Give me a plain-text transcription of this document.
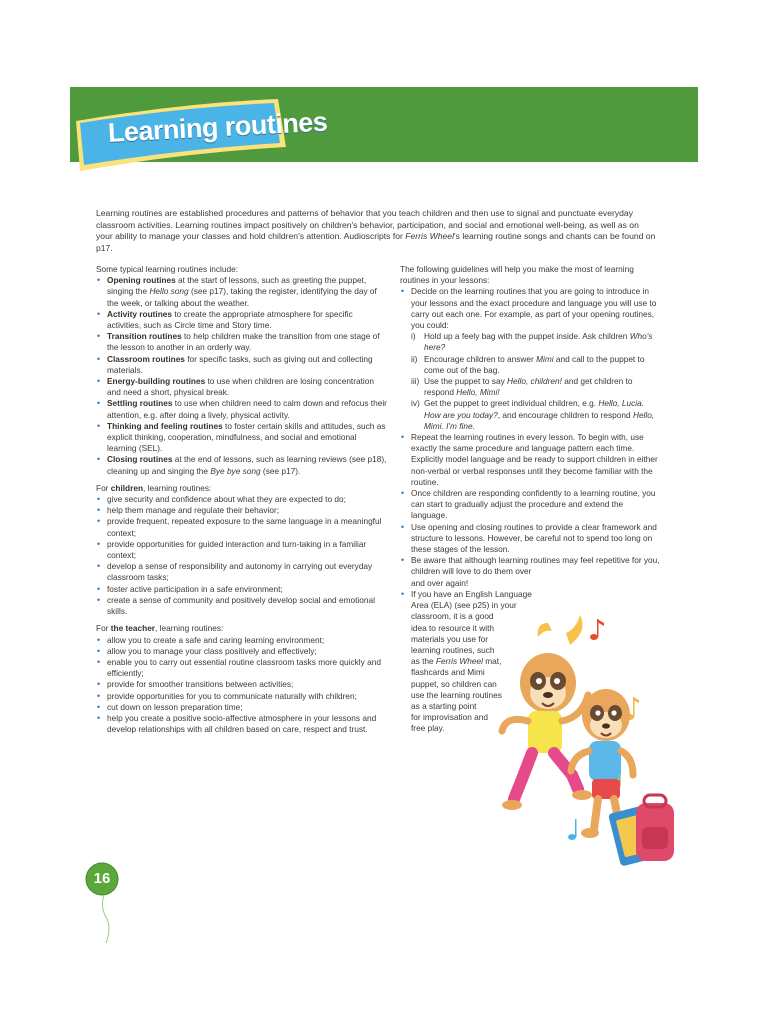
Learning routines

Learning routines are established procedures and patterns of behavior that you teach children and then use to signal and punctuate everyday classroom activities. Learning routines impact positively on children's behavior, participation, and social and emotional well-being, as well as on your ability to manage your classes and hold children's attention. Audioscripts for Ferris Wheel's learning routine songs and chants can be found on p17.

Some typical learning routines include:

• Opening routines at the start of lessons, such as greeting the puppet, singing the Hello song (see p17), taking the register, identifying the day of the week, or talking about the weather.
• Activity routines to create the appropriate atmosphere for specific activities, such as Circle time and Story time.
• Transition routines to help children make the transition from one stage of the lesson to another in an orderly way.
• Classroom routines for specific tasks, such as giving out and collecting materials.
• Energy-building routines to use when children are losing concentration and need a short, physical break.
• Settling routines to use when children need to calm down and refocus their attention, e.g. after doing a lively, physical activity.
• Thinking and feeling routines to foster certain skills and attitudes, such as explicit thinking, cooperation, mindfulness, and social and emotional learning (SEL).
• Closing routines at the end of lessons, such as learning reviews (see p18), cleaning up and singing the Bye bye song (see p17).

For children, learning routines:

• give security and confidence about what they are expected to do;
• help them manage and regulate their behavior;
• provide frequent, repeated exposure to the same language in a meaningful context;
• provide opportunities for guided interaction and turn-taking in a familiar context;
• develop a sense of responsibility and autonomy in carrying out everyday classroom tasks;
• foster active participation in a safe environment;
• create a sense of community and positively develop social and emotional skills.

For the teacher, learning routines:

• allow you to create a safe and caring learning environment;
• allow you to manage your class positively and effectively;
• enable you to carry out essential routine classroom tasks more quickly and efficiently;
• provide for smoother transitions between activities;
• provide opportunities for you to communicate naturally with children;
• cut down on lesson preparation time;
• help you create a positive socio-affective atmosphere in your lessons and develop relationships with all children based on care, respect and trust.

The following guidelines will help you make the most of learning routines in your lessons:

• Decide on the learning routines that you are going to introduce in your lessons and the exact procedure and language you will use to carry out each one. For example, as part of your opening routines, you could:
i) Hold up a feely bag with the puppet inside. Ask children Who's here?
ii) Encourage children to answer Mimi and call to the puppet to come out of the bag.
iii) Use the puppet to say Hello, children! and get children to respond Hello, Mimi!
iv) Get the puppet to greet individual children, e.g. Hello, Lucia. How are you today?, and encourage children to respond Hello, Mimi. I'm fine.
• Repeat the learning routines in every lesson. To begin with, use exactly the same procedure and language pattern each time. Explicitly model language and be ready to support children in either non-verbal or verbal responses until they become familiar with the routine.
• Once children are responding confidently to a learning routine, you can start to gradually adjust the procedure and extend the language.
• Use opening and closing routines to provide a clear framework and structure to lessons. However, be careful not to spend too long on these stages of the lesson.
• Be aware that although learning routines may feel repetitive for you,
children will love to do them over and over again!
• If you have an English Language
Area (ELA) (see p25) in your
classroom, it is a good
idea to resource it with
materials you use for
learning routines, such
as the Ferris Wheel mat,
flashcards and Mimi
puppet, so children can
use the learning routines
as a starting point
for improvisation and
free play.
16
